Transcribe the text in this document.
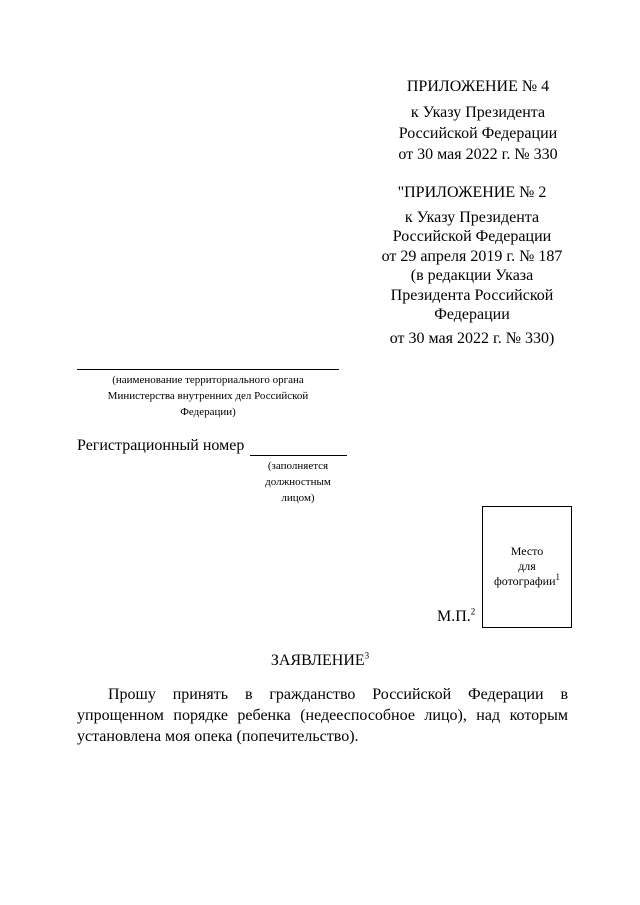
ПРИЛОЖЕНИЕ № 4
к Указу Президента
Российской Федерации
от 30 мая 2022 г. № 330
"ПРИЛОЖЕНИЕ № 2
к Указу Президента
Российской Федерации
от 29 апреля 2019 г. № 187
(в редакции Указа
Президента Российской
Федерации
от 30 мая 2022 г. № 330)
(наименование территориального органа
Министерства внутренних дел Российской
Федерации)
Регистрационный номер
(заполняется
должностным
лицом)
Место
для
фотографии$^1$
М.П.$^2$
ЗАЯВЛЕНИЕ$^3$

Прошу принять в гражданство Российской Федерации в упрощенном порядке ребенка (недееспособное лицо), над которым установлена моя опека (попечительство).
